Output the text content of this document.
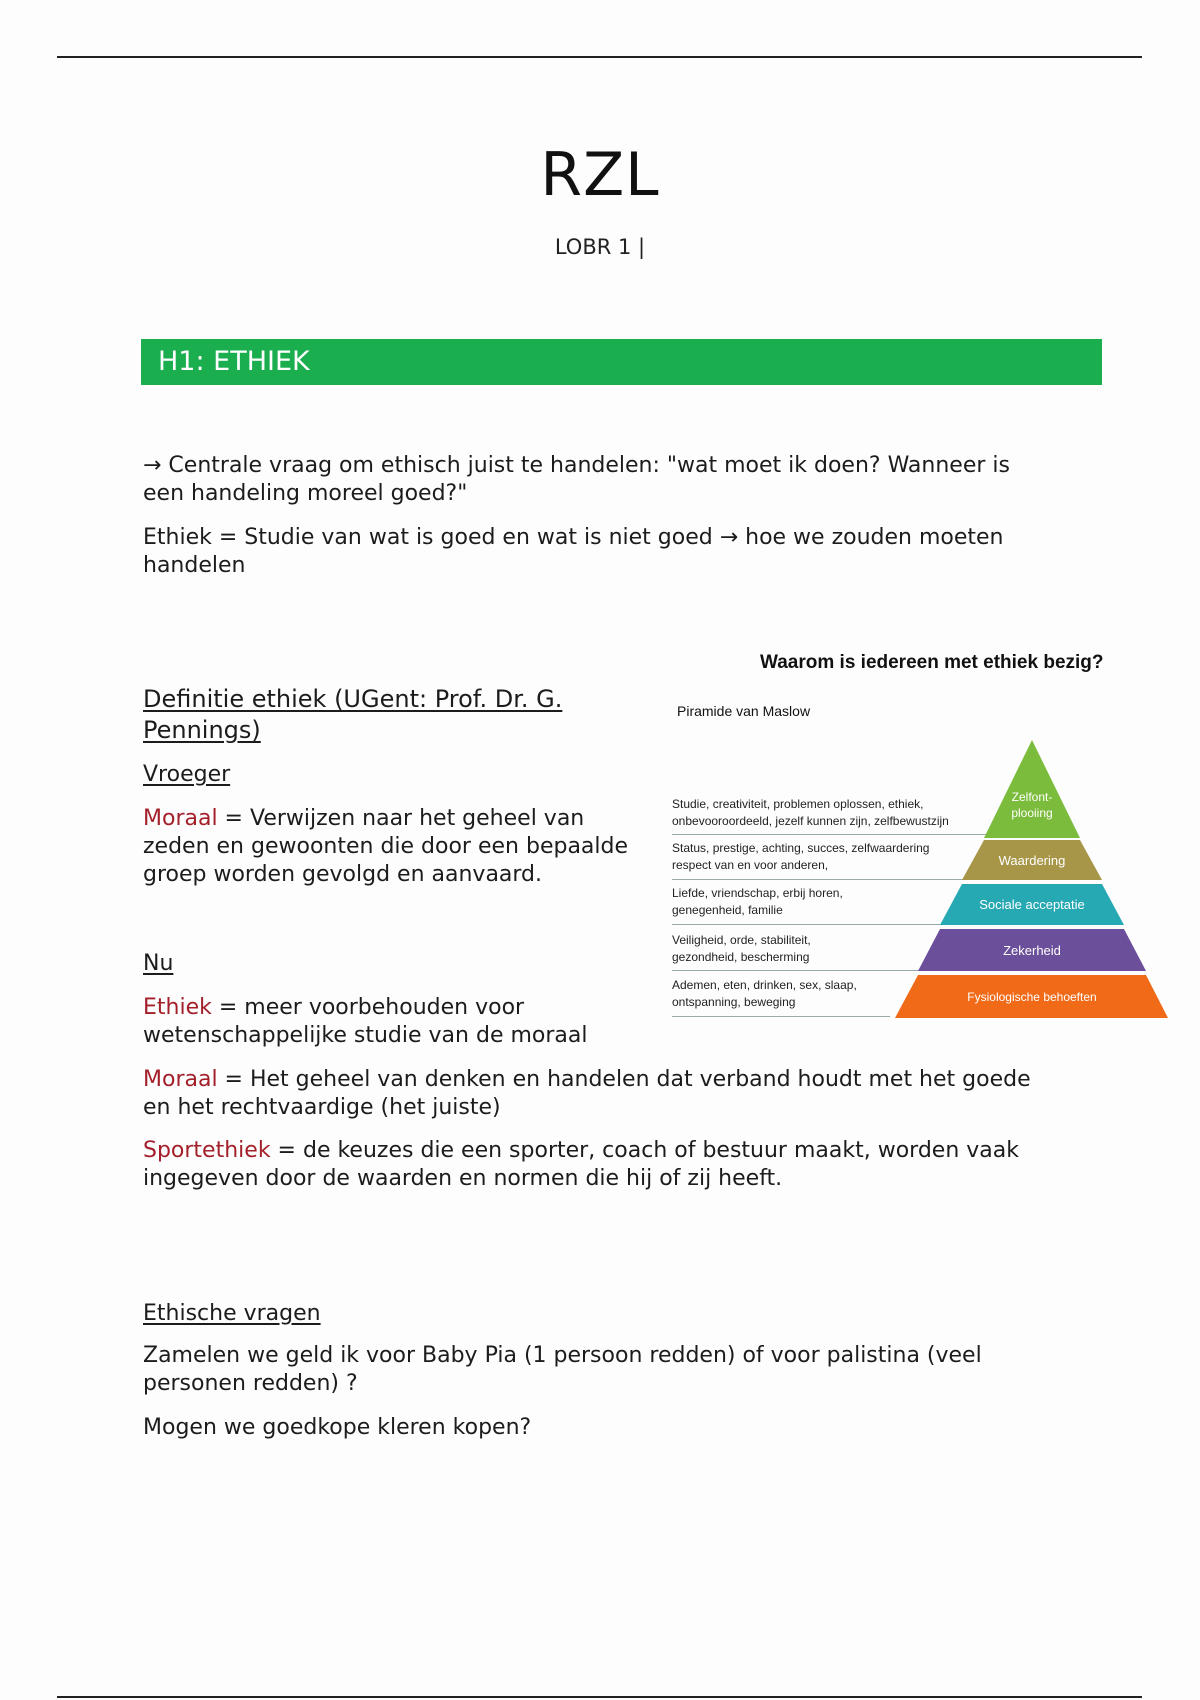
RZL
LOBR 1 |
H1: ETHIEK
→ Centrale vraag om ethisch juist te handelen: "wat moet ik doen? Wanneer is een handeling moreel goed?"
Ethiek = Studie van wat is goed en wat is niet goed → hoe we zouden moeten handelen
Definitie ethiek (UGent: Prof. Dr. G. Pennings)
Vroeger
Moraal = Verwijzen naar het geheel van zeden en gewoonten die door een bepaalde groep worden gevolgd en aanvaard.
Nu
Ethiek = meer voorbehouden voor wetenschappelijke studie van de moraal
Moraal = Het geheel van denken en handelen dat verband houdt met het goede en het rechtvaardige (het juiste)
Sportethiek = de keuzes die een sporter, coach of bestuur maakt, worden vaak ingegeven door de waarden en normen die hij of zij heeft.
Waarom is iedereen met ethiek bezig?
Piramide van Maslow
Studie, creativiteit, problemen oplossen, ethiek,
onbevooroordeeld, jezelf kunnen zijn, zelfbewustzijn
Status, prestige, achting, succes, zelfwaardering
respect van en voor anderen,
Liefde, vriendschap, erbij horen,
genegenheid, familie
Veiligheid, orde, stabiliteit,
gezondheid, bescherming
Ademen, eten, drinken, sex, slaap,
ontspanning, beweging
Zelfont-plooiing
Waardering
Sociale acceptatie
Zekerheid
Fysiologische behoeften
Ethische vragen
Zamelen we geld ik voor Baby Pia (1 persoon redden) of voor palistina (veel personen redden) ?
Mogen we goedkope kleren kopen?
